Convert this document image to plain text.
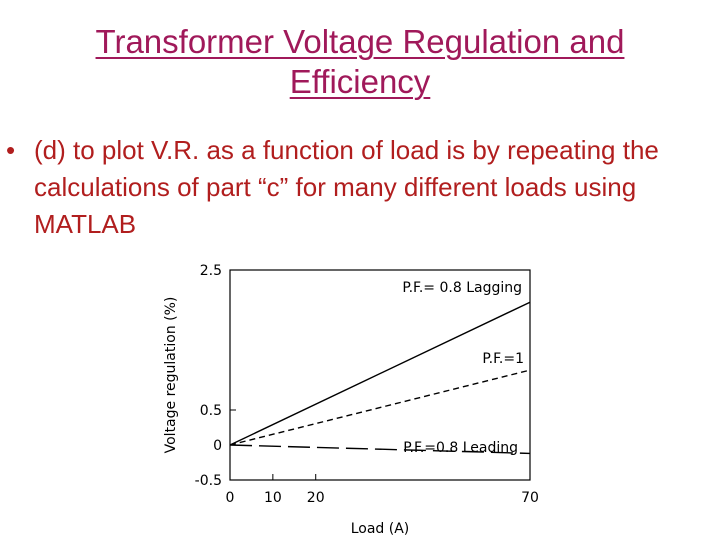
Transformer Voltage Regulation and
Efficiency
• (d) to plot V.R. as a function of load is by repeating the calculations of part “c” for many different loads using MATLAB
2.5
0.5
0
-0.5
0 10 20	70
Load (A)
Voltage regulation (%)
P.F.= 0.8 Lagging
P.F.=1
P.F.=0.8 Leading
